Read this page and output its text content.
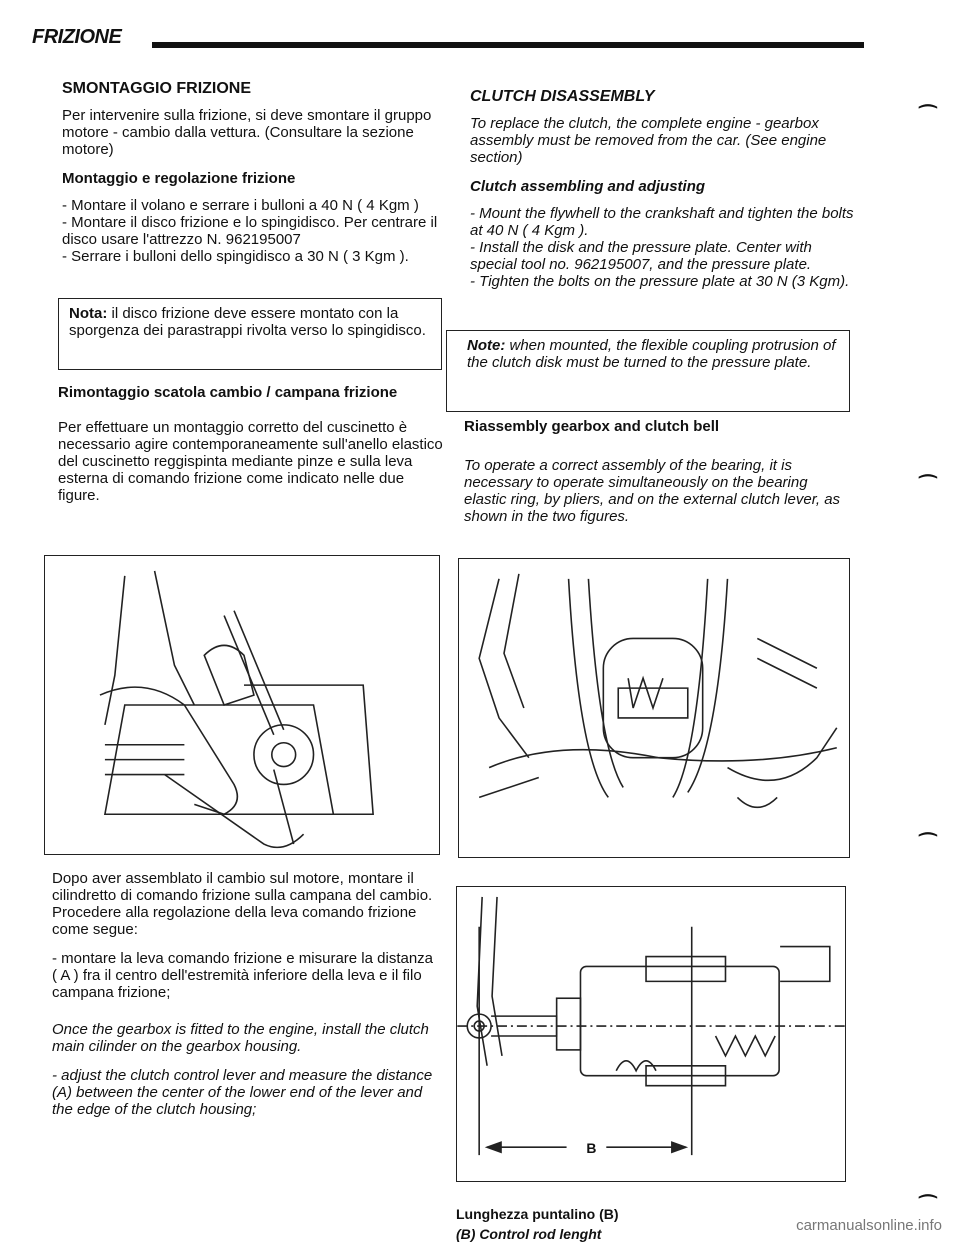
FRIZIONE
SMONTAGGIO FRIZIONE

Per intervenire sulla frizione, si deve smontare il gruppo motore - cambio dalla vettura. (Consultare la sezione motore)

Montaggio e regolazione frizione
- Montare il volano e serrare i bulloni a 40 N ( 4 Kgm )
- Montare il disco frizione e lo spingidisco. Per centrare il disco usare l'attrezzo N. 962195007
- Serrare i bulloni dello spingidisco a 30 N ( 3 Kgm ).
Nota: il disco frizione deve essere montato con la sporgenza dei parastrappi rivolta verso lo spingidisco.
Rimontaggio scatola cambio / campana frizione

Per effettuare un montaggio corretto del cuscinetto è necessario agire contemporaneamente sull'anello elastico del cuscinetto reggispinta mediante pinze e sulla leva esterna di comando frizione come indicato nelle due figure.

Dopo aver assemblato il cambio sul motore, montare il cilindretto di comando frizione sulla campana del cambio. Procedere alla regolazione della leva comando frizione come segue:

- montare la leva comando frizione e misurare la distanza ( A ) fra il centro dell'estremità inferiore della leva e il filo campana frizione;

Once the gearbox is fitted to the engine, install the clutch main cilinder on the gearbox housing.

- adjust the clutch control lever and measure the distance (A) between the center of the lower end of the lever and the edge of the clutch housing;

CLUTCH DISASSEMBLY

To replace the clutch, the complete engine - gearbox assembly must be removed from the car. (See engine section)

Clutch assembling and adjusting
- Mount the flywhell to the crankshaft and tighten the bolts at 40 N ( 4 Kgm ).
- Install the disk and the pressure plate. Center with special tool no. 962195007, and the pressure plate.
- Tighten the bolts on the pressure plate at 30 N (3 Kgm).
Note: when mounted, the flexible coupling protrusion of the clutch disk must be turned to the pressure plate.
Riassembly gearbox and clutch bell

To operate a correct assembly of the bearing, it is necessary to operate simultaneously on the bearing elastic ring, by pliers, and on the external clutch lever, as shown in the two figures.

B
Lunghezza puntalino (B)
(B) Control rod lenght
⁀
⁀
⁀
⁀
carmanualsonline.info
